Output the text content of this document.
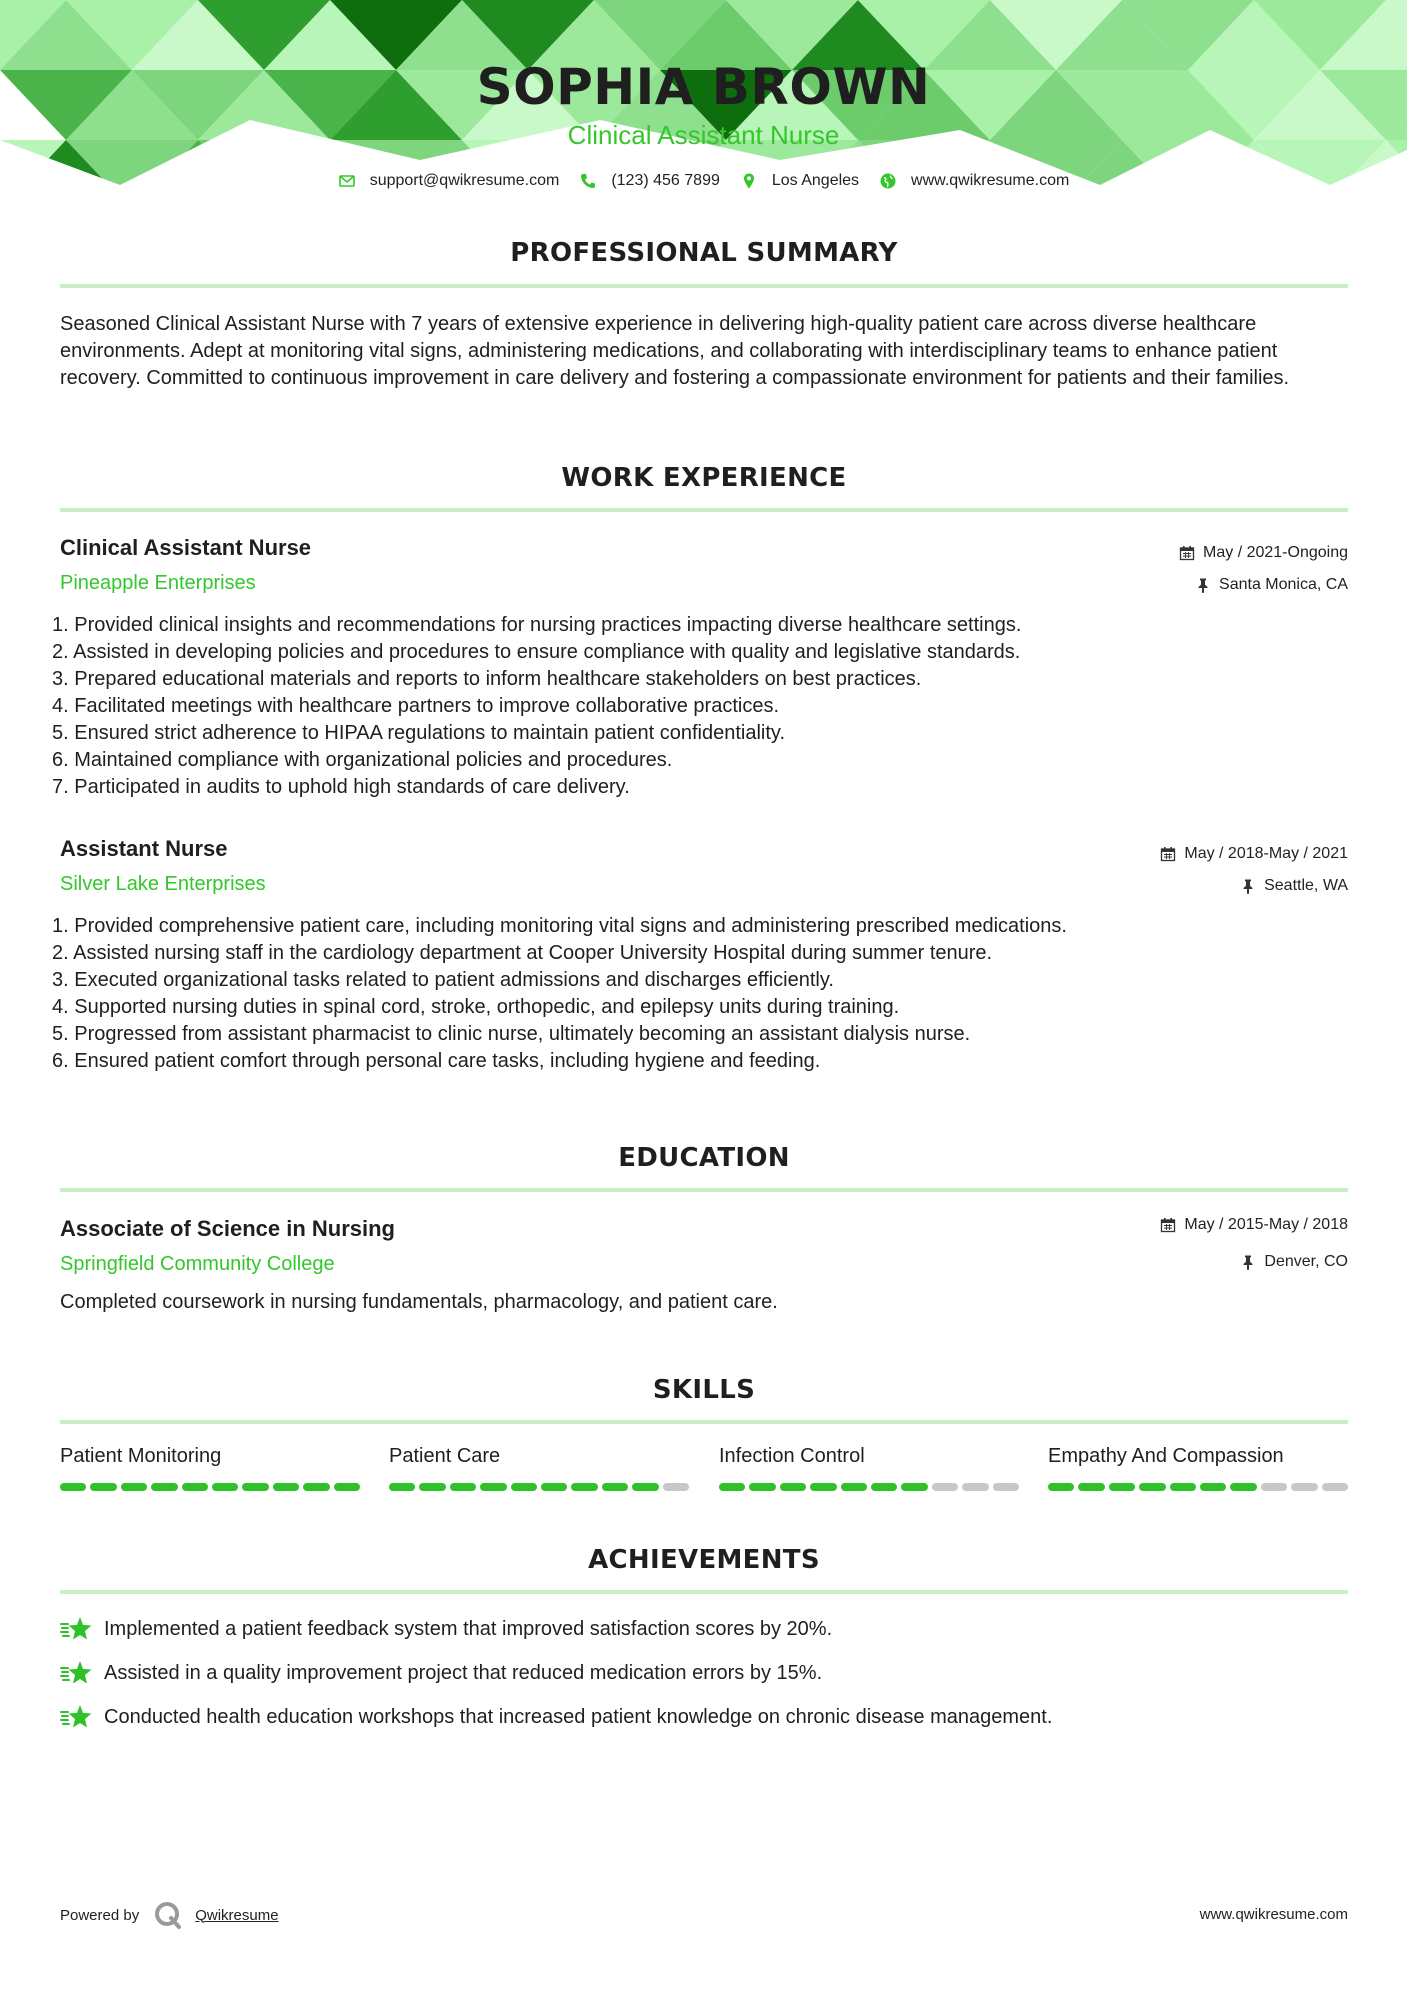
SOPHIA BROWN
Clinical Assistant Nurse
support@qwikresume.com	(123) 456 7899	Los Angeles	www.qwikresume.com
PROFESSIONAL SUMMARY
Seasoned Clinical Assistant Nurse with 7 years of extensive experience in delivering high-quality patient care across diverse healthcare environments. Adept at monitoring vital signs, administering medications, and collaborating with interdisciplinary teams to enhance patient recovery. Committed to continuous improvement in care delivery and fostering a compassionate environment for patients and their families.
WORK EXPERIENCE
Clinical Assistant Nurse
Pineapple Enterprises
May / 2021-Ongoing
Santa Monica, CA
1. Provided clinical insights and recommendations for nursing practices impacting diverse healthcare settings.
2. Assisted in developing policies and procedures to ensure compliance with quality and legislative standards.
3. Prepared educational materials and reports to inform healthcare stakeholders on best practices.
4. Facilitated meetings with healthcare partners to improve collaborative practices.
5. Ensured strict adherence to HIPAA regulations to maintain patient confidentiality.
6. Maintained compliance with organizational policies and procedures.
7. Participated in audits to uphold high standards of care delivery.
Assistant Nurse
Silver Lake Enterprises
May / 2018-May / 2021
Seattle, WA
1. Provided comprehensive patient care, including monitoring vital signs and administering prescribed medications.
2. Assisted nursing staff in the cardiology department at Cooper University Hospital during summer tenure.
3. Executed organizational tasks related to patient admissions and discharges efficiently.
4. Supported nursing duties in spinal cord, stroke, orthopedic, and epilepsy units during training.
5. Progressed from assistant pharmacist to clinic nurse, ultimately becoming an assistant dialysis nurse.
6. Ensured patient comfort through personal care tasks, including hygiene and feeding.
EDUCATION
Associate of Science in Nursing
Springfield Community College
May / 2015-May / 2018
Denver, CO
Completed coursework in nursing fundamentals, pharmacology, and patient care.
SKILLS
Patient Monitoring	Patient Care	Infection Control	Empathy And Compassion
ACHIEVEMENTS
Implemented a patient feedback system that improved satisfaction scores by 20%.
Assisted in a quality improvement project that reduced medication errors by 15%.
Conducted health education workshops that increased patient knowledge on chronic disease management.
Powered by	Qwikresume	www.qwikresume.com
